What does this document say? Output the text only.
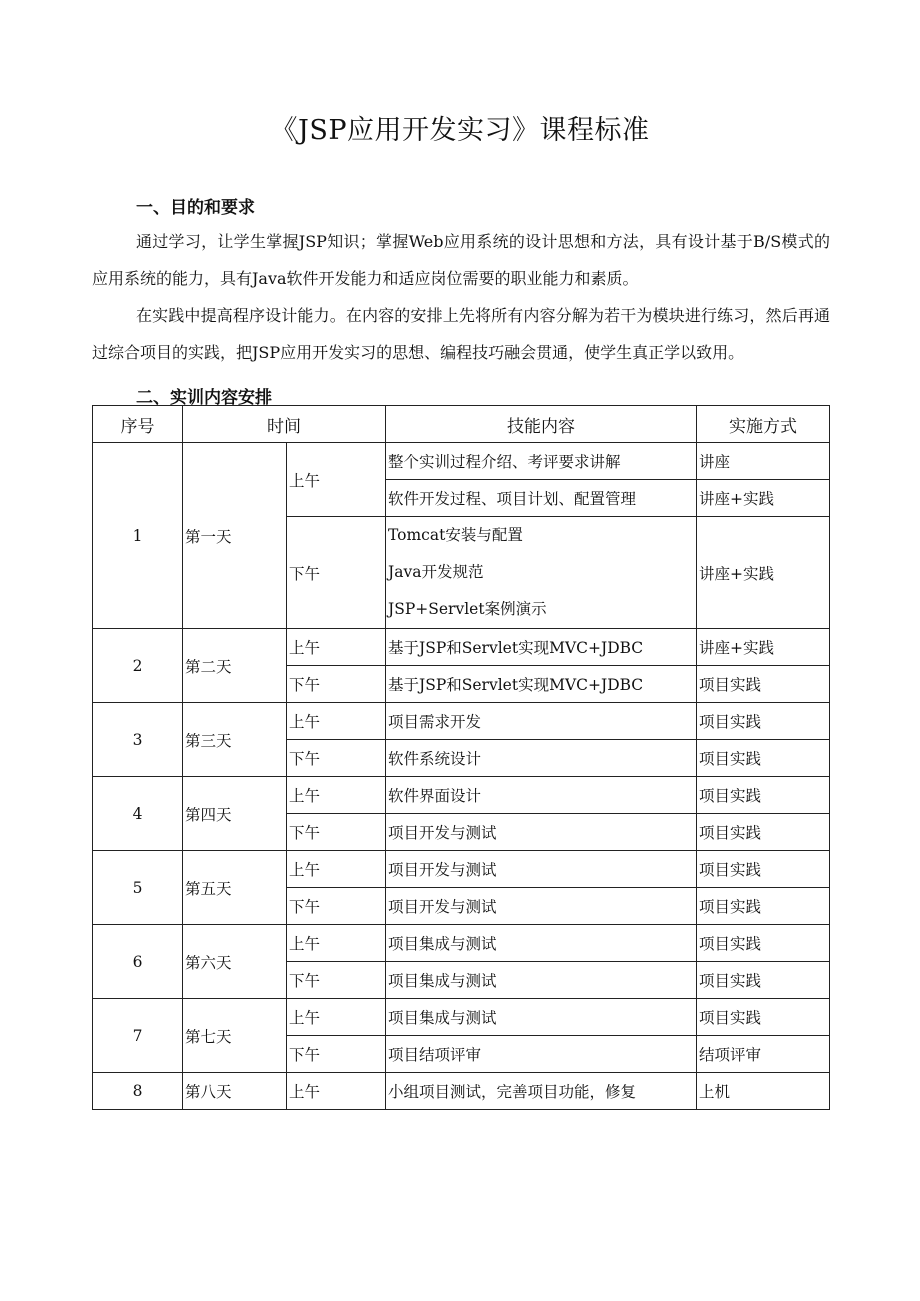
《JSP应用开发实习》课程标准
一、目的和要求

通过学习，让学生掌握JSP知识；掌握Web应用系统的设计思想和方法，具有设计基于B/S模式的应用系统的能力，具有Java软件开发能力和适应岗位需要的职业能力和素质。

在实践中提高程序设计能力。在内容的安排上先将所有内容分解为若干为模块进行练习，然后再通过综合项目的实践，把JSP应用开发实习的思想、编程技巧融会贯通，使学生真正学以致用。

二、实训内容安排
序号	时间		技能内容	实施方式
1	第一天	上午	整个实训过程介绍、考评要求讲解	讲座
			软件开发过程、项目计划、配置管理	讲座+实践
		下午	Tomcat安装与配置
Java开发规范
JSP+Servlet案例演示	讲座+实践
2	第二天	上午	基于JSP和Servlet实现MVC+JDBC	讲座+实践
		下午	基于JSP和Servlet实现MVC+JDBC	项目实践
3	第三天	上午	项目需求开发	项目实践
		下午	软件系统设计	项目实践
4	第四天	上午	软件界面设计	项目实践
		下午	项目开发与测试	项目实践
5	第五天	上午	项目开发与测试	项目实践
		下午	项目开发与测试	项目实践
6	第六天	上午	项目集成与测试	项目实践
		下午	项目集成与测试	项目实践
7	第七天	上午	项目集成与测试	项目实践
		下午	项目结项评审	结项评审
8	第八天	上午	小组项目测试，完善项目功能，修复	上机
